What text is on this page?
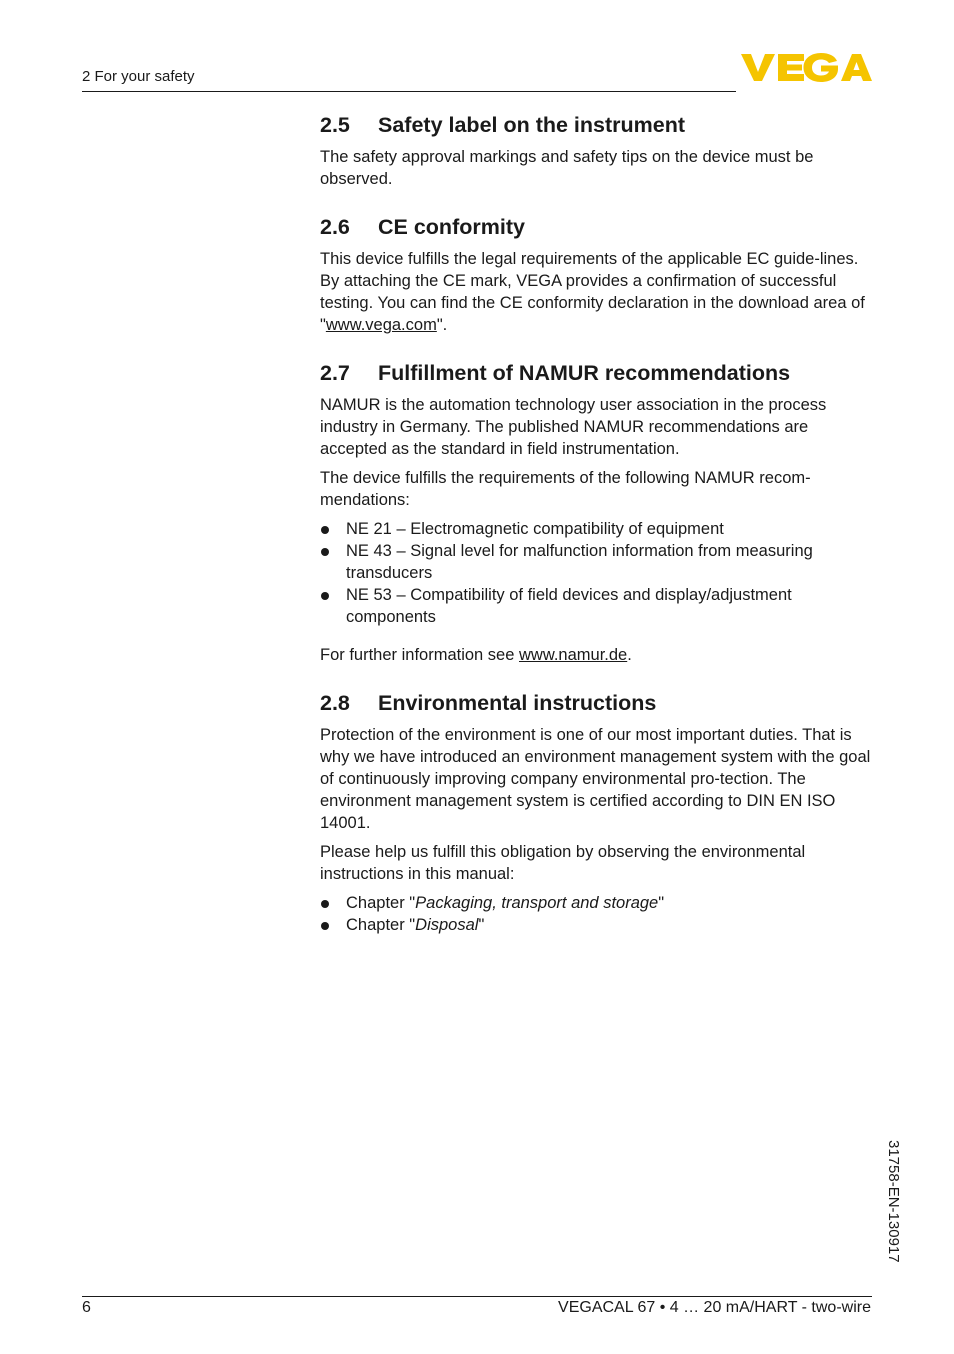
2 For your safety
2.5	Safety label on the instrument

The safety approval markings and safety tips on the device must be observed.

2.6	CE conformity

This device fulfills the legal requirements of the applicable EC guide-lines. By attaching the CE mark, VEGA provides a confirmation of successful testing. You can find the CE conformity declaration in the download area of "www.vega.com".

2.7	Fulfillment of NAMUR recommendations

NAMUR is the automation technology user association in the process industry in Germany. The published NAMUR recommendations are accepted as the standard in field instrumentation.

The device fulfills the requirements of the following NAMUR recom-mendations:

NE 21 – Electromagnetic compatibility of equipment
NE 43 – Signal level for malfunction information from measuring transducers
NE 53 – Compatibility of field devices and display/adjustment components

For further information see www.namur.de.

2.8	Environmental instructions

Protection of the environment is one of our most important duties. That is why we have introduced an environment management system with the goal of continuously improving company environmental pro-tection. The environment management system is certified according to DIN EN ISO 14001.

Please help us fulfill this obligation by observing the environmental instructions in this manual:

Chapter "Packaging, transport and storage"
Chapter "Disposal"
31758-EN-130917
6	VEGACAL 67 • 4 … 20 mA/HART - two-wire
